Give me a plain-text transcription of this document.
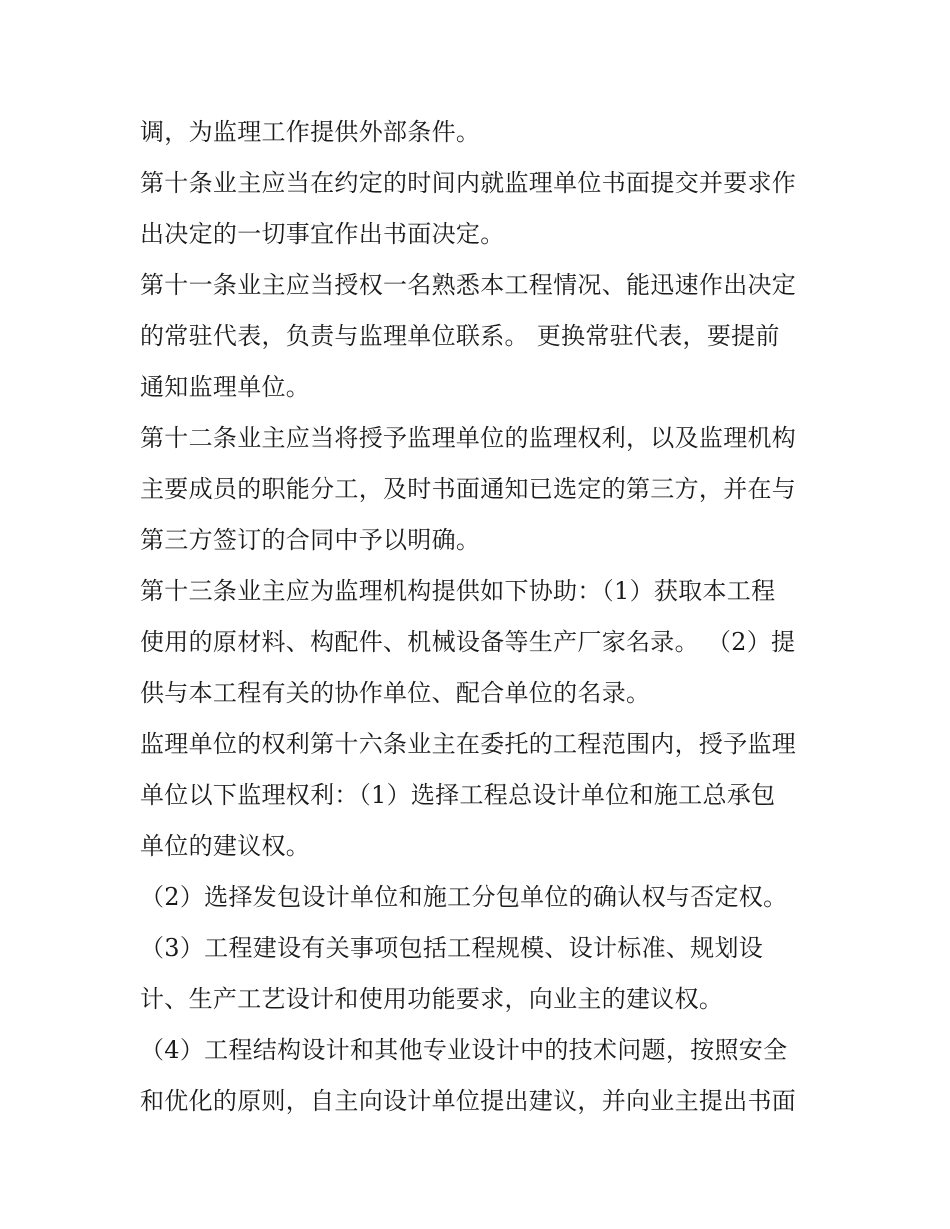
调，为监理工作提供外部条件。
第十条业主应当在约定的时间内就监理单位书面提交并要求作
出决定的一切事宜作出书面决定。
第十一条业主应当授权一名熟悉本工程情况、能迅速作出决定
的常驻代表，负责与监理单位联系。 更换常驻代表，要提前
通知监理单位。
第十二条业主应当将授予监理单位的监理权利，以及监理机构
主要成员的职能分工，及时书面通知已选定的第三方，并在与
第三方签订的合同中予以明确。
第十三条业主应为监理机构提供如下协助：（1）获取本工程
使用的原材料、构配件、机械设备等生产厂家名录。 （2）提
供与本工程有关的协作单位、配合单位的名录。
监理单位的权利第十六条业主在委托的工程范围内，授予监理
单位以下监理权利：（1）选择工程总设计单位和施工总承包
单位的建议权。
（2）选择发包设计单位和施工分包单位的确认权与否定权。
（3）工程建设有关事项包括工程规模、设计标准、规划设
计、生产工艺设计和使用功能要求，向业主的建议权。
（4）工程结构设计和其他专业设计中的技术问题，按照安全
和优化的原则，自主向设计单位提出建议，并向业主提出书面
